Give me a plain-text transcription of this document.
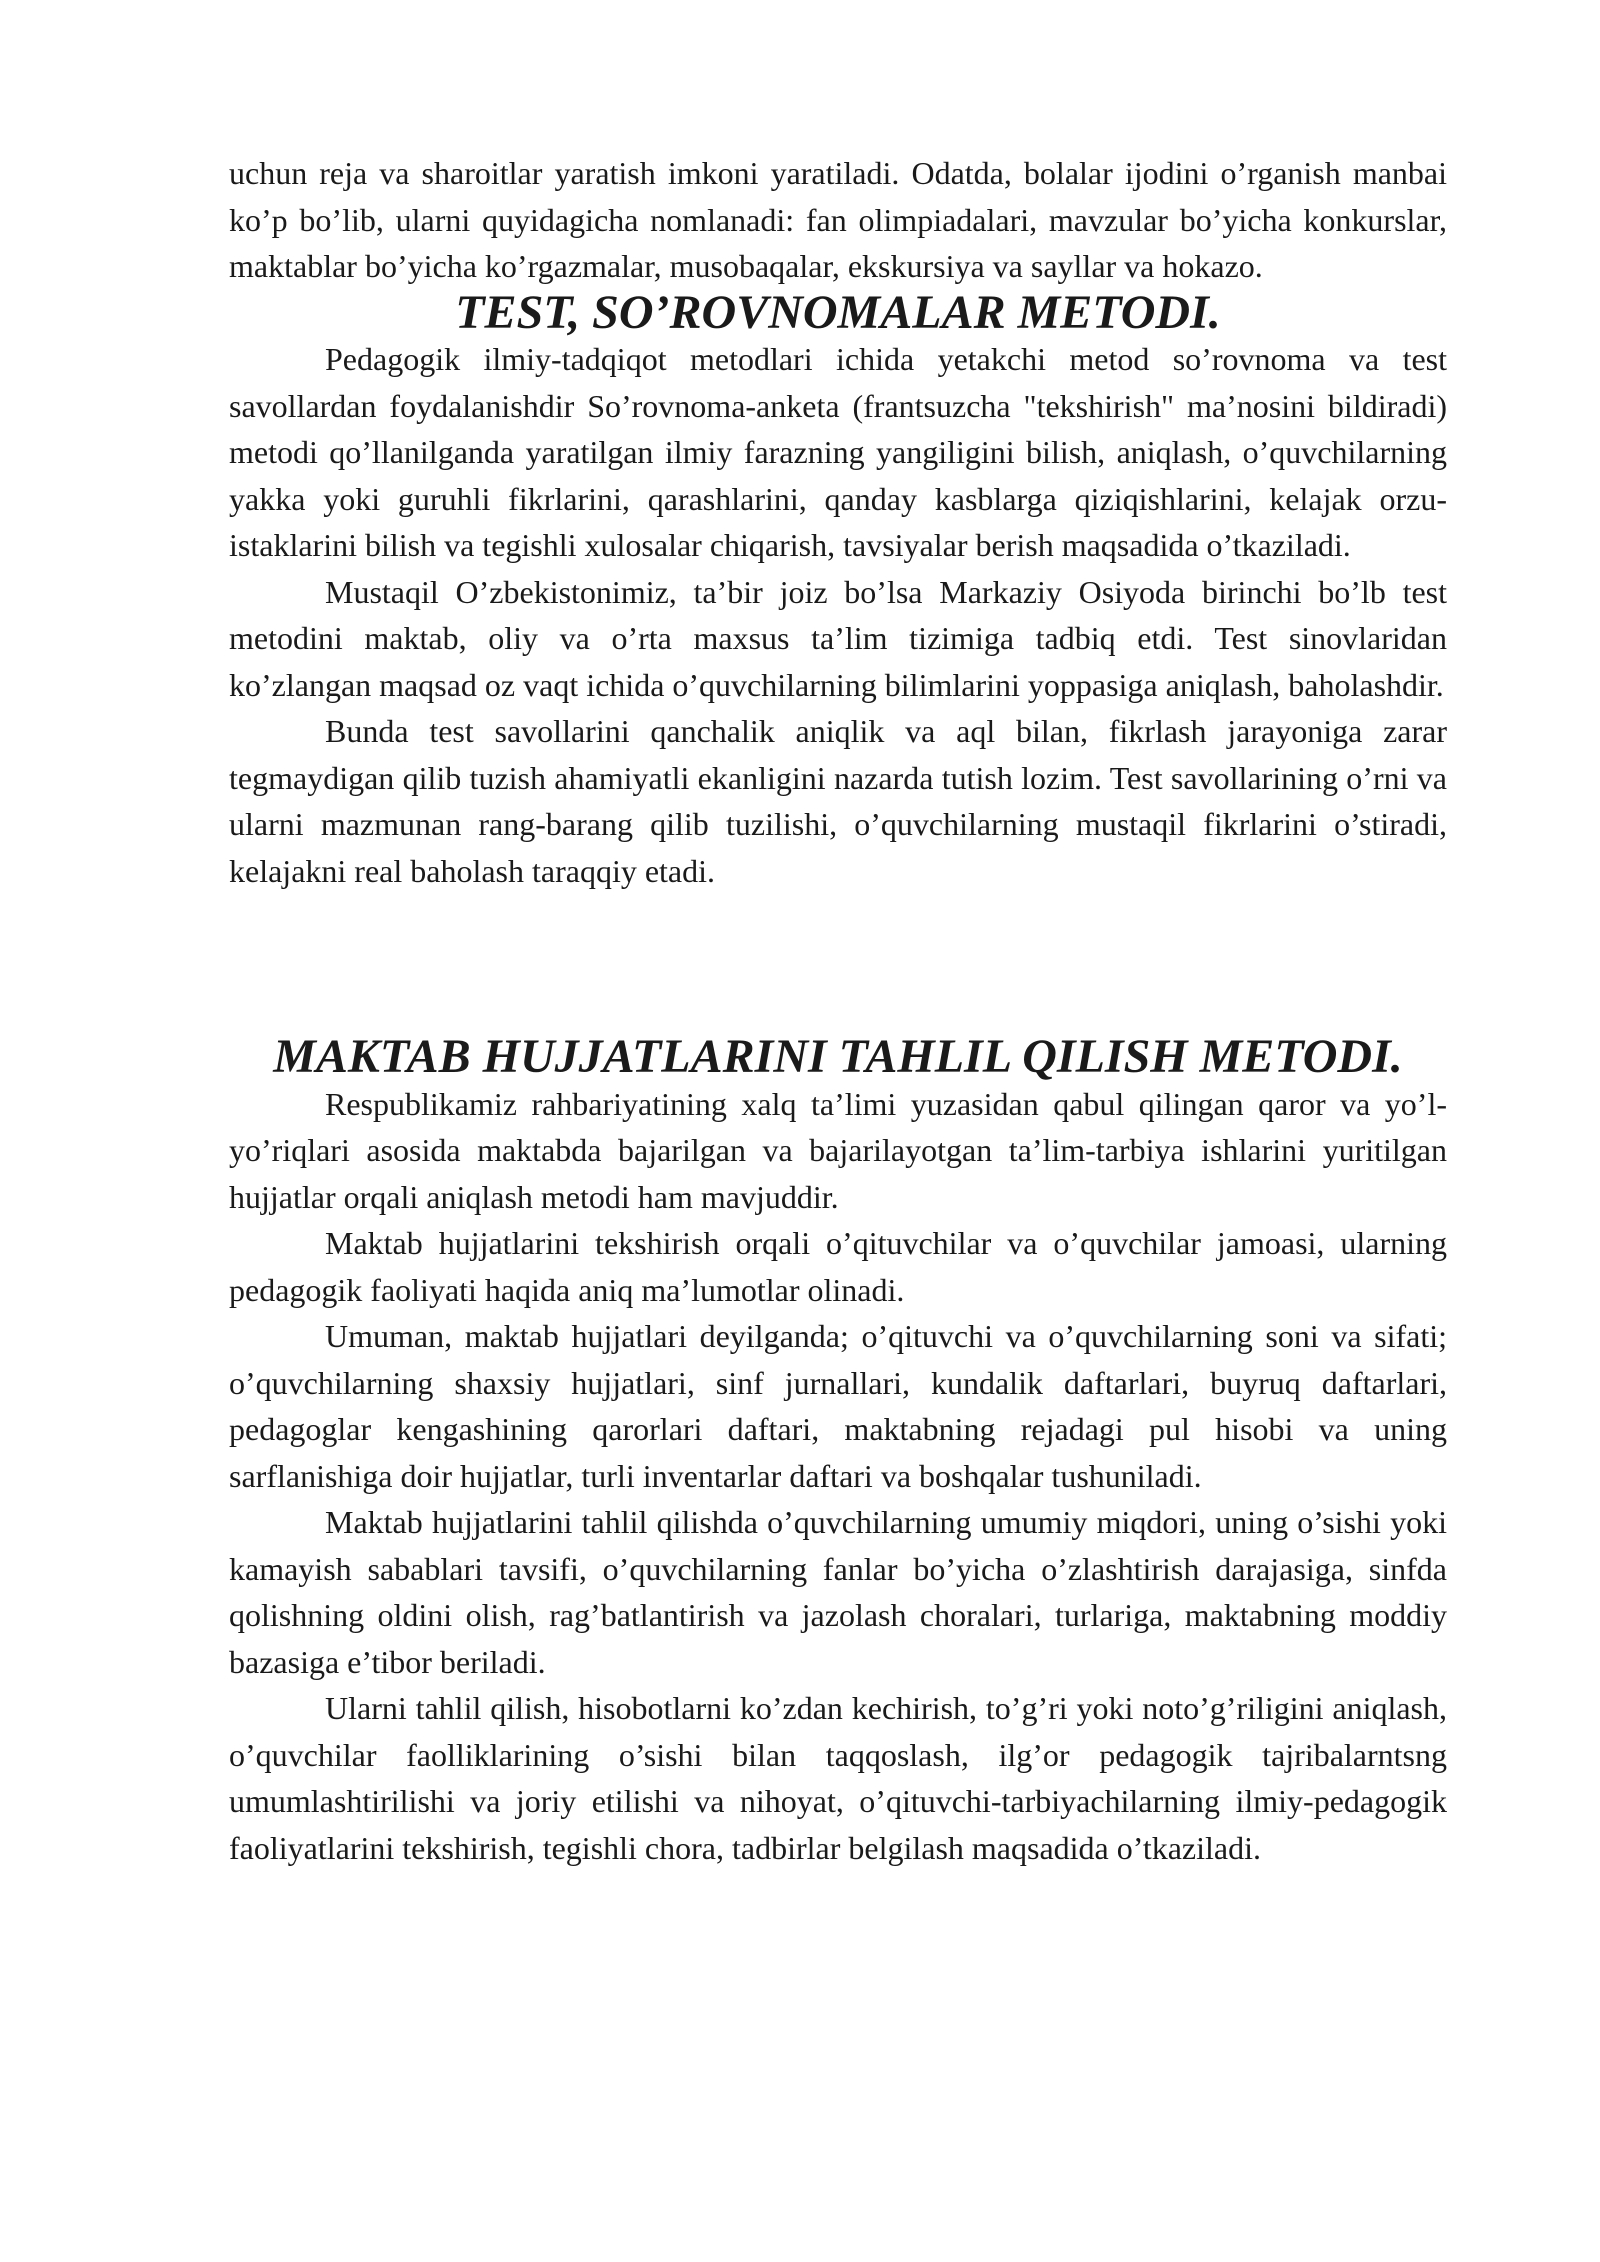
uchun reja va sharoitlar yaratish imkoni yaratiladi. Odatda, bolalar ijodini o’rganish manbai ko’p bo’lib, ularni quyidagicha nomlanadi: fan olimpiadalari, mavzular bo’yicha konkurslar, maktablar bo’yicha ko’rgazmalar, musobaqalar, ekskursiya va sayllar va hokazo.

TEST, SO’ROVNOMALAR METODI.

Pedagogik ilmiy-tadqiqot metodlari ichida yetakchi metod so’rovnoma va test savollardan foydalanishdir So’rovnoma-anketa (frantsuzcha "tekshirish" ma’nosini bildiradi) metodi qo’llanilganda yaratilgan ilmiy farazning yangiligini bilish, aniqlash, o’quvchilarning yakka yoki guruhli fikrlarini, qarashlarini, qanday kasblarga qiziqishlarini, kelajak orzu-istaklarini bilish va tegishli xulosalar chiqarish, tavsiyalar berish maqsadida o’tkaziladi.

Mustaqil O’zbekistonimiz, ta’bir joiz bo’lsa Markaziy Osiyoda birinchi bo’lb test metodini maktab, oliy va o’rta maxsus ta’lim tizimiga tadbiq etdi. Test sinovlaridan ko’zlangan maqsad oz vaqt ichida o’quvchilarning bilimlarini yoppasiga aniqlash, baholashdir.

Bunda test savollarini qanchalik aniqlik va aql bilan, fikrlash jarayoniga zarar tegmaydigan qilib tuzish ahamiyatli ekanligini nazarda tutish lozim. Test savollarining o’rni va ularni mazmunan rang-barang qilib tuzilishi, o’quvchilarning mustaqil fikrlarini o’stiradi, kelajakni real baholash taraqqiy etadi.

MAKTAB HUJJATLARINI TAHLIL QILISH METODI.

Respublikamiz rahbariyatining xalq ta’limi yuzasidan qabul qilingan qaror va yo’l-yo’riqlari asosida maktabda bajarilgan va bajarilayotgan ta’lim-tarbiya ishlarini yuritilgan hujjatlar orqali aniqlash metodi ham mavjuddir.

Maktab hujjatlarini tekshirish orqali o’qituvchilar va o’quvchilar jamoasi, ularning pedagogik faoliyati haqida aniq ma’lumotlar olinadi.

Umuman, maktab hujjatlari deyilganda; o’qituvchi va o’quvchilarning soni va sifati; o’quvchilarning shaxsiy hujjatlari, sinf jurnallari, kundalik daftarlari, buyruq daftarlari, pedagoglar kengashining qarorlari daftari, maktabning rejadagi pul hisobi va uning sarflanishiga doir hujjatlar, turli inventarlar daftari va boshqalar tushuniladi.

Maktab hujjatlarini tahlil qilishda o’quvchilarning umumiy miqdori, uning o’sishi yoki kamayish sabablari tavsifi, o’quvchilarning fanlar bo’yicha o’zlashtirish darajasiga, sinfda qolishning oldini olish, rag’batlantirish va jazolash choralari, turlariga, maktabning moddiy bazasiga e’tibor beriladi.

Ularni tahlil qilish, hisobotlarni ko’zdan kechirish, to’g’ri yoki noto’g’riligini aniqlash, o’quvchilar faolliklarining o’sishi bilan taqqoslash, ilg’or pedagogik tajribalarntsng umumlashtirilishi va joriy etilishi va nihoyat, o’qituvchi-tarbiyachilarning ilmiy-pedagogik faoliyatlarini tekshirish, tegishli chora, tadbirlar belgilash maqsadida o’tkaziladi.
